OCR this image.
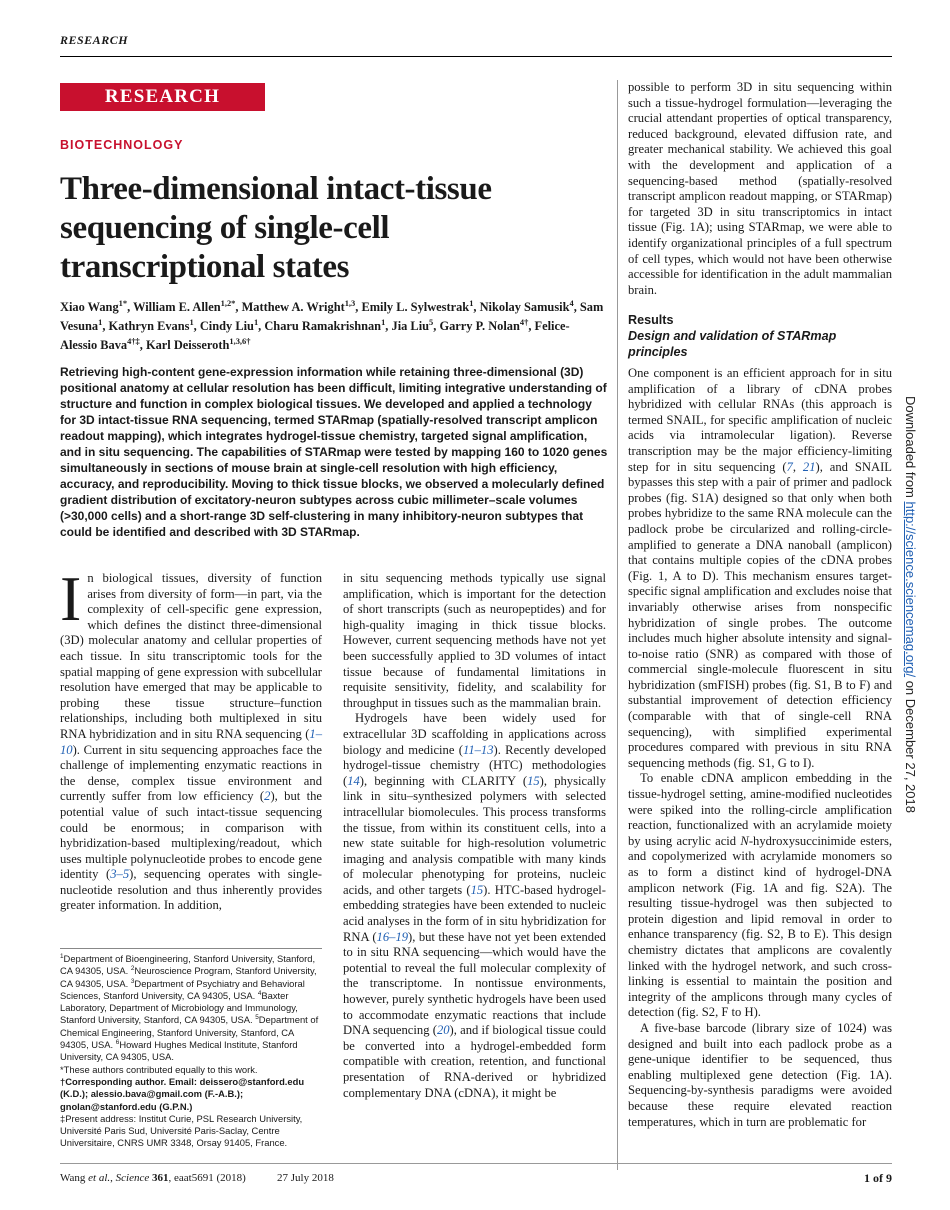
RESEARCH
RESEARCH ARTICLE
BIOTECHNOLOGY
Three-dimensional intact-tissue sequencing of single-cell transcriptional states

Xiao Wang$^{1*}$, William E. Allen$^{1,2*}$, Matthew A. Wright$^{1,3}$, Emily L. Sylwestrak$^1$, Nikolay Samusik$^4$, Sam Vesuna$^1$, Kathryn Evans$^1$, Cindy Liu$^1$, Charu Ramakrishnan$^1$, Jia Liu$^5$, Garry P. Nolan$^{4\dagger}$, Felice-Alessio Bava$^{4\dagger\ddagger}$, Karl Deisseroth$^{1,3,6\dagger}$

Retrieving high-content gene-expression information while retaining three-dimensional (3D) positional anatomy at cellular resolution has been difficult, limiting integrative understanding of structure and function in complex biological tissues. We developed and applied a technology for 3D intact-tissue RNA sequencing, termed STARmap (spatially-resolved transcript amplicon readout mapping), which integrates hydrogel-tissue chemistry, targeted signal amplification, and in situ sequencing. The capabilities of STARmap were tested by mapping 160 to 1020 genes simultaneously in sections of mouse brain at single-cell resolution with high efficiency, accuracy, and reproducibility. Moving to thick tissue blocks, we observed a molecularly defined gradient distribution of excitatory-neuron subtypes across cubic millimeter–scale volumes (>30,000 cells) and a short-range 3D self-clustering in many inhibitory-neuron subtypes that could be identified and described with 3D STARmap.

In biological tissues, diversity of function arises from diversity of form—in part, via the complexity of cell-specific gene expression, which defines the distinct three-dimensional (3D) molecular anatomy and cellular properties of each tissue. In situ transcriptomic tools for the spatial mapping of gene expression with subcellular resolution have emerged that may be applicable to probing these tissue structure–function relationships, including both multiplexed in situ RNA hybridization and in situ RNA sequencing (1–10). Current in situ sequencing approaches face the challenge of implementing enzymatic reactions in the dense, complex tissue environment and currently suffer from low efficiency (2), but the potential value of such intact-tissue sequencing could be enormous; in comparison with hybridization-based multiplexing/readout, which uses multiple polynucleotide probes to encode gene identity (3–5), sequencing operates with single-nucleotide resolution and thus inherently provides greater information. In addition,

$^1$Department of Bioengineering, Stanford University, Stanford, CA 94305, USA. $^2$Neuroscience Program, Stanford University, CA 94305, USA. $^3$Department of Psychiatry and Behavioral Sciences, Stanford University, CA 94305, USA. $^4$Baxter Laboratory, Department of Microbiology and Immunology, Stanford University, Stanford, CA 94305, USA. $^5$Department of Chemical Engineering, Stanford University, Stanford, CA 94305, USA. $^6$Howard Hughes Medical Institute, Stanford University, CA 94305, USA.
*These authors contributed equally to this work.
†Corresponding author. Email: deissero@stanford.edu (K.D.); alessio.bava@gmail.com (F.-A.B.); gnolan@stanford.edu (G.P.N.)
‡Present address: Institut Curie, PSL Research University, Université Paris Sud, Université Paris-Saclay, Centre Universitaire, CNRS UMR 3348, Orsay 91405, France.
in situ sequencing methods typically use signal amplification, which is important for the detection of short transcripts (such as neuropeptides) and for high-quality imaging in thick tissue blocks. However, current sequencing methods have not yet been successfully applied to 3D volumes of intact tissue because of fundamental limitations in requisite sensitivity, fidelity, and scalability for throughput in tissues such as the mammalian brain.
Hydrogels have been widely used for extracellular 3D scaffolding in applications across biology and medicine (11–13). Recently developed hydrogel-tissue chemistry (HTC) methodologies (14), beginning with CLARITY (15), physically link in situ–synthesized polymers with selected intracellular biomolecules. This process transforms the tissue, from within its constituent cells, into a new state suitable for high-resolution volumetric imaging and analysis compatible with many kinds of molecular phenotyping for proteins, nucleic acids, and other targets (15). HTC-based hydrogel-embedding strategies have been extended to nucleic acid analyses in the form of in situ hybridization for RNA (16–19), but these have not yet been extended to in situ RNA sequencing—which would have the potential to reveal the full molecular complexity of the transcriptome. In nontissue environments, however, purely synthetic hydrogels have been used to accommodate enzymatic reactions that include DNA sequencing (20), and if biological tissue could be converted into a hydrogel-embedded form compatible with creation, retention, and functional presentation of RNA-derived or hybridized complementary DNA (cDNA), it might be

possible to perform 3D in situ sequencing within such a tissue-hydrogel formulation—leveraging the crucial attendant properties of optical transparency, reduced background, elevated diffusion rate, and greater mechanical stability. We achieved this goal with the development and application of a sequencing-based method (spatially-resolved transcript amplicon readout mapping, or STARmap) for targeted 3D in situ transcriptomics in intact tissue (Fig. 1A); using STARmap, we were able to identify organizational principles of a full spectrum of cell types, which would not have been otherwise accessible for identification in the adult mammalian brain.

Results
Design and validation of STARmap principles
One component is an efficient approach for in situ amplification of a library of cDNA probes hybridized with cellular RNAs (this approach is termed SNAIL, for specific amplification of nucleic acids via intramolecular ligation). Reverse transcription may be the major efficiency-limiting step for in situ sequencing (7, 21), and SNAIL bypasses this step with a pair of primer and padlock probes (fig. S1A) designed so that only when both probes hybridize to the same RNA molecule can the padlock probe be circularized and rolling-circle-amplified to generate a DNA nanoball (amplicon) that contains multiple copies of the cDNA probes (Fig. 1, A to D). This mechanism ensures target-specific signal amplification and excludes noise that invariably otherwise arises from nonspecific hybridization of single probes. The outcome includes much higher absolute intensity and signal-to-noise ratio (SNR) as compared with those of commercial single-molecule fluorescent in situ hybridization (smFISH) probes (fig. S1, B to F) and substantial improvement of detection efficiency (comparable with that of single-cell RNA sequencing), with simplified experimental procedures compared with previous in situ RNA sequencing methods (fig. S1, G to I).
To enable cDNA amplicon embedding in the tissue-hydrogel setting, amine-modified nucleotides were spiked into the rolling-circle amplification reaction, functionalized with an acrylamide moiety by using acrylic acid N-hydroxysuccinimide esters, and copolymerized with acrylamide monomers so as to form a distinct kind of hydrogel-DNA amplicon network (Fig. 1A and fig. S2A). The resulting tissue-hydrogel was then subjected to protein digestion and lipid removal in order to enhance transparency (fig. S2, B to E). This design chemistry dictates that amplicons are covalently linked with the hydrogel network, and such cross-linking is essential to maintain the position and integrity of the amplicons through many cycles of detection (fig. S2, F to H).
A five-base barcode (library size of 1024) was designed and built into each padlock probe as a gene-unique identifier to be sequenced, thus enabling multiplexed gene detection (Fig. 1A). Sequencing-by-synthesis paradigms were avoided because these require elevated reaction temperatures, which in turn are problematic for
Wang et al., Science 361, eaat5691 (2018)	27 July 2018	1 of 9
Downloaded from http://science.sciencemag.org/ on December 27, 2018
